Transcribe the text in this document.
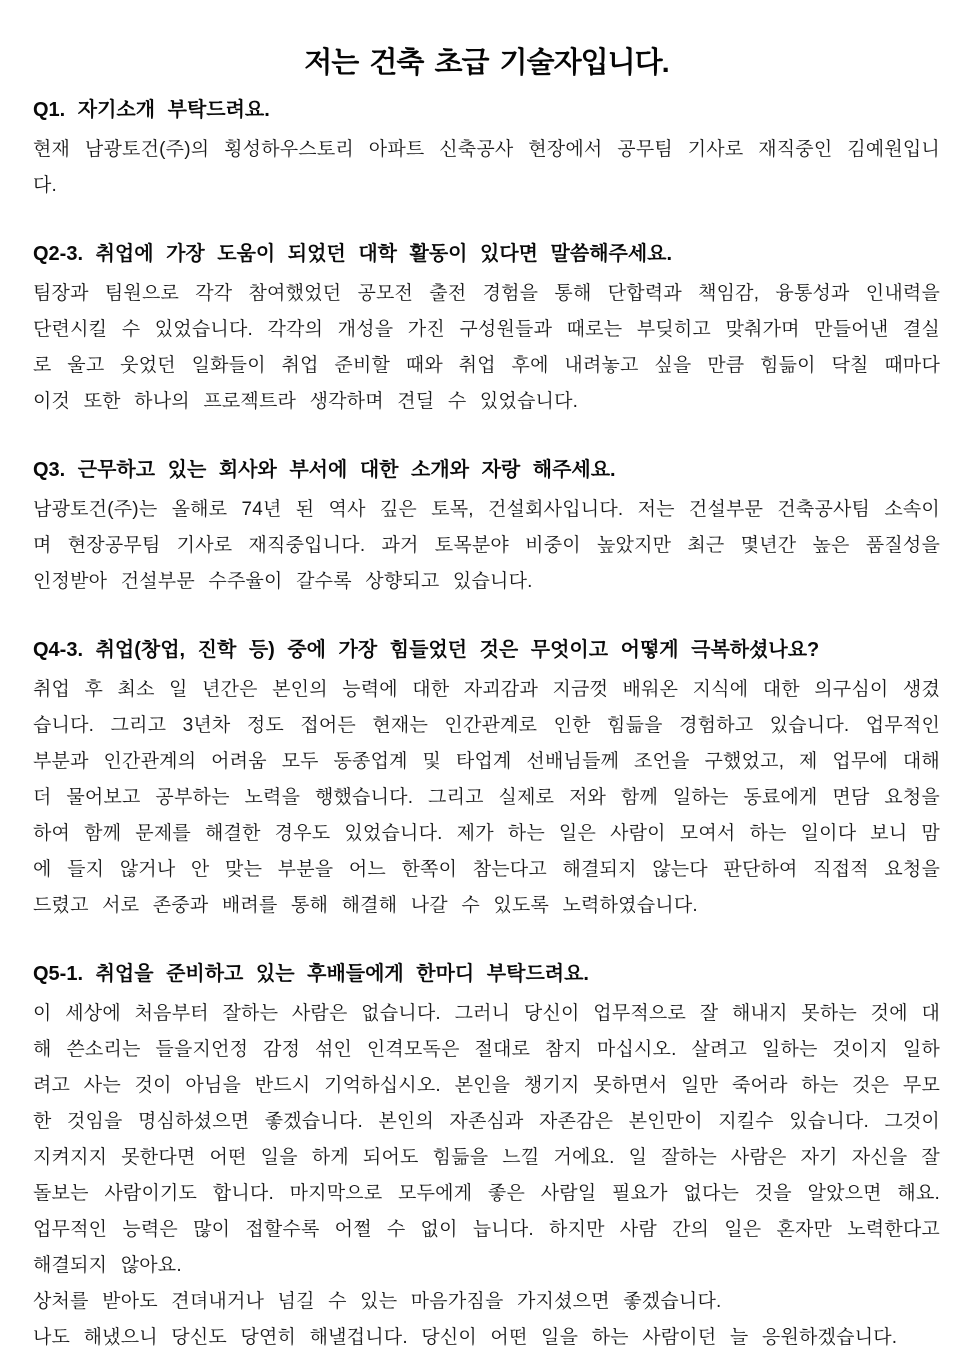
저는 건축 초급 기술자입니다.
Q1. 자기소개 부탁드려요.

현재 남광토건(주)의 횡성하우스토리 아파트 신축공사 현장에서 공무팀 기사로 재직중인 김예원입니다.

Q2-3. 취업에 가장 도움이 되었던 대학 활동이 있다면 말씀해주세요.

팀장과 팀원으로 각각 참여했었던 공모전 출전 경험을 통해 단합력과 책임감, 융통성과 인내력을 단련시킬 수 있었습니다. 각각의 개성을 가진 구성원들과 때로는 부딪히고 맞춰가며 만들어낸 결실로 울고 웃었던 일화들이 취업 준비할 때와 취업 후에 내려놓고 싶을 만큼 힘듦이 닥칠 때마다 이것 또한 하나의 프로젝트라 생각하며 견딜 수 있었습니다.

Q3. 근무하고 있는 회사와 부서에 대한 소개와 자랑 해주세요.

남광토건(주)는 올해로 74년 된 역사 깊은 토목, 건설회사입니다. 저는 건설부문 건축공사팀 소속이며 현장공무팀 기사로 재직중입니다. 과거 토목분야 비중이 높았지만 최근 몇년간 높은 품질성을 인정받아 건설부문 수주율이 갈수록 상향되고 있습니다.

Q4-3. 취업(창업, 진학 등) 중에 가장 힘들었던 것은 무엇이고 어떻게 극복하셨나요?

취업 후 최소 일 년간은 본인의 능력에 대한 자괴감과 지금껏 배워온 지식에 대한 의구심이 생겼습니다. 그리고 3년차 정도 접어든 현재는 인간관계로 인한 힘듦을 경험하고 있습니다. 업무적인 부분과 인간관계의 어려움 모두 동종업계 및 타업계 선배님들께 조언을 구했었고, 제 업무에 대해 더 물어보고 공부하는 노력을 행했습니다. 그리고 실제로 저와 함께 일하는 동료에게 면담 요청을 하여 함께 문제를 해결한 경우도 있었습니다. 제가 하는 일은 사람이 모여서 하는 일이다 보니 맘에 들지 않거나 안 맞는 부분을 어느 한쪽이 참는다고 해결되지 않는다 판단하여 직접적 요청을 드렸고 서로 존중과 배려를 통해 해결해 나갈 수 있도록 노력하였습니다.

Q5-1. 취업을 준비하고 있는 후배들에게 한마디 부탁드려요.

이 세상에 처음부터 잘하는 사람은 없습니다. 그러니 당신이 업무적으로 잘 해내지 못하는 것에 대해 쓴소리는 들을지언정 감정 섞인 인격모독은 절대로 참지 마십시오. 살려고 일하는 것이지 일하려고 사는 것이 아님을 반드시 기억하십시오. 본인을 챙기지 못하면서 일만 죽어라 하는 것은 무모한 것임을 명심하셨으면 좋겠습니다. 본인의 자존심과 자존감은 본인만이 지킬수 있습니다. 그것이 지켜지지 못한다면 어떤 일을 하게 되어도 힘듦을 느낄 거에요. 일 잘하는 사람은 자기 자신을 잘 돌보는 사람이기도 합니다. 마지막으로 모두에게 좋은 사람일 필요가 없다는 것을 알았으면 해요. 업무적인 능력은 많이 접할수록 어쩔 수 없이 늡니다. 하지만 사람 간의 일은 혼자만 노력한다고 해결되지 않아요.

상처를 받아도 견뎌내거나 넘길 수 있는 마음가짐을 가지셨으면 좋겠습니다.

나도 해냈으니 당신도 당연히 해낼겁니다. 당신이 어떤 일을 하는 사람이던 늘 응원하겠습니다.
